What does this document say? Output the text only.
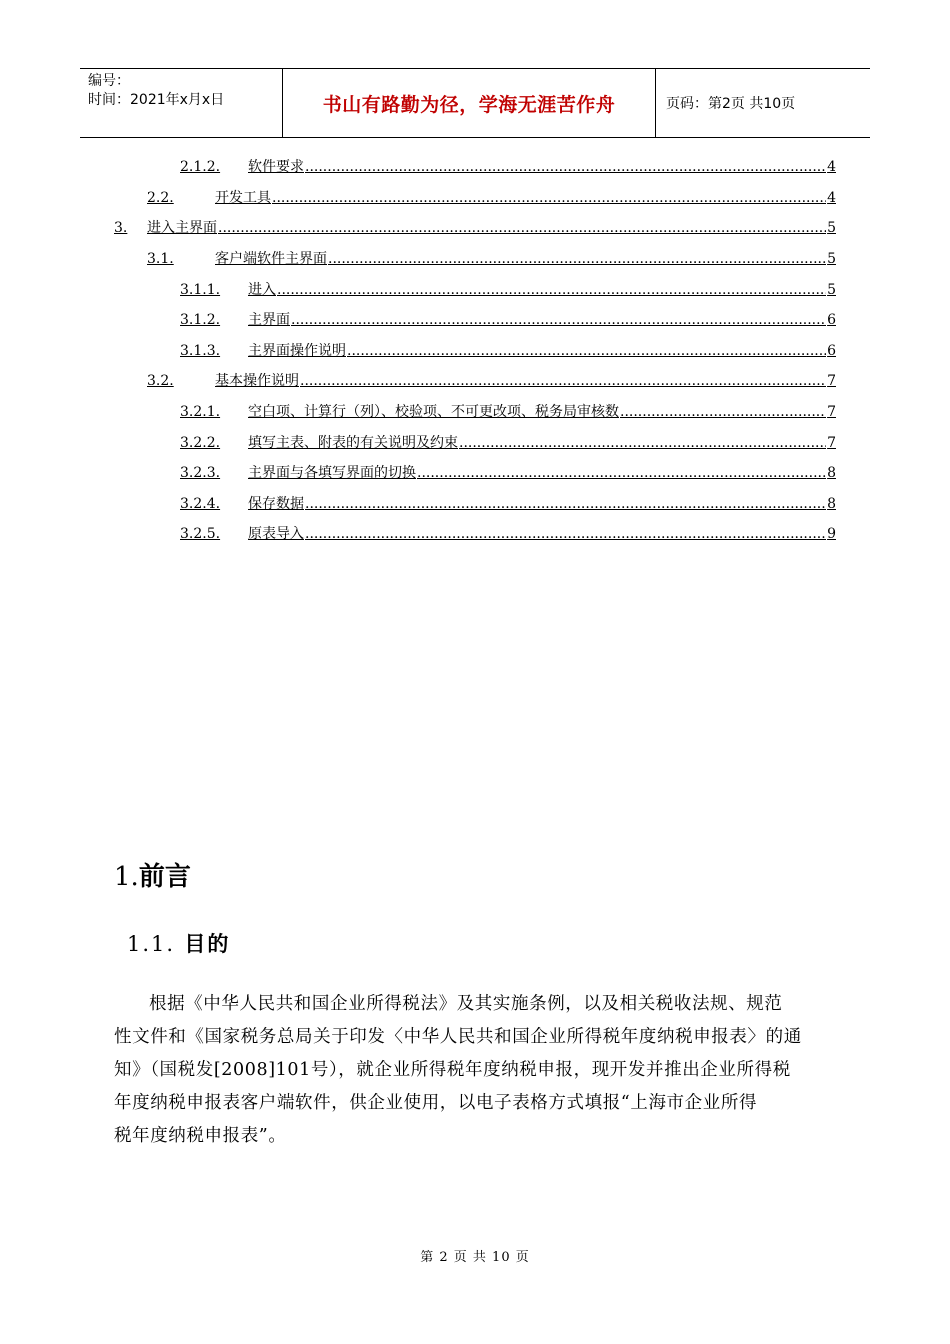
编号：
时间：2021年x月x日	书山有路勤为径，学海无涯苦作舟	页码：第2页 共10页
2.1.2.	软件要求 .....	4
2.2.	开发工具 .....	4
3.	进入主界面 .....	5
3.1.	客户端软件主界面 .....	5
3.1.1.	进入 .....	5
3.1.2.	主界面 .....	6
3.1.3.	主界面操作说明 .....	6
3.2.	基本操作说明 .....	7
3.2.1.	空白项、计算行（列）、校验项、不可更改项、税务局审核数 .....	7
3.2.2.	填写主表、附表的有关说明及约束 .....	7
3.2.3.	主界面与各填写界面的切换 .....	8
3.2.4.	保存数据 .....	8
3.2.5.	原表导入 .....	9
1.前言
1.1. 目的
根据《中华人民共和国企业所得税法》及其实施条例，以及相关税收法规、规范
性文件和《国家税务总局关于印发〈中华人民共和国企业所得税年度纳税申报表〉的通
知》（国税发[2008]101号），就企业所得税年度纳税申报，现开发并推出企业所得税
年度纳税申报表客户端软件，供企业使用，以电子表格方式填报“上海市企业所得
税年度纳税申报表”。
第 2 页 共 10 页
